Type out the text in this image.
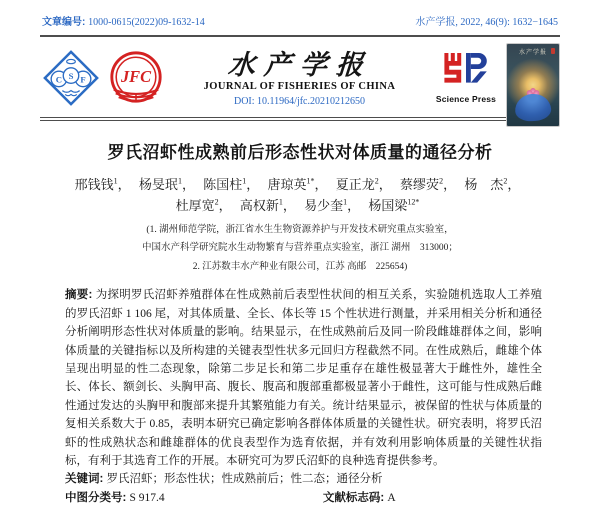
文章编号: 1000-0615(2022)09-1632-14	水产学报, 2022, 46(9): 1632−1645
C S F JFC	水产学报
JOURNAL OF FISHERIES OF CHINA
DOI: 10.11964/jfc.20210212650	Science Press
水产学报
罗氏沼虾性成熟前后形态性状对体质量的通径分析
邢钱钱$^1$， 杨旻珉$^1$， 陈国柱$^1$， 唐琼英$^{1*}$， 夏正龙$^2$， 蔡缪荧$^2$， 杨　杰$^2$，
杜厚宽$^2$， 高权新$^1$， 易少奎$^1$， 杨国梁$^{12*}$
(1. 湖州师范学院，浙江省水生生物资源养护与开发技术研究重点实验室，
中国水产科学研究院水生动物繁育与营养重点实验室，浙江 湖州　313000；
2. 江苏数丰水产种业有限公司，江苏 高邮　225654)

摘要: 为探明罗氏沼虾养殖群体在性成熟前后表型性状间的相互关系，实验随机选取人工养殖的罗氏沼虾 1 106 尾，对其体质量、全长、体长等 15 个性状进行测量，并采用相关分析和通径分析阐明形态性状对体质量的影响。结果显示，在性成熟前后及同一阶段雌雄群体之间，影响体质量的关键指标以及所构建的关键表型性状多元回归方程截然不同。在性成熟后，雌雄个体呈现出明显的性二态现象，除第二步足长和第二步足重存在雄性极显著大于雌性外，雄性全长、体长、额剑长、头胸甲高、腹长、腹高和腹部重都极显著小于雌性，这可能与性成熟后雌性通过发达的头胸甲和腹部来提升其繁殖能力有关。统计结果显示，被保留的性状与体质量的复相关系数大于 0.85，表明本研究已确定影响各群体体质量的关键性状。研究表明，将罗氏沼虾的性成熟状态和雌雄群体的优良表型作为选育依据，并有效利用影响体质量的关键性状指标，有利于其选育工作的开展。本研究可为罗氏沼虾的良种选育提供参考。

关键词: 罗氏沼虾；形态性状；性成熟前后；性二态；通径分析

中图分类号: S 917.4	文献标志码: A
